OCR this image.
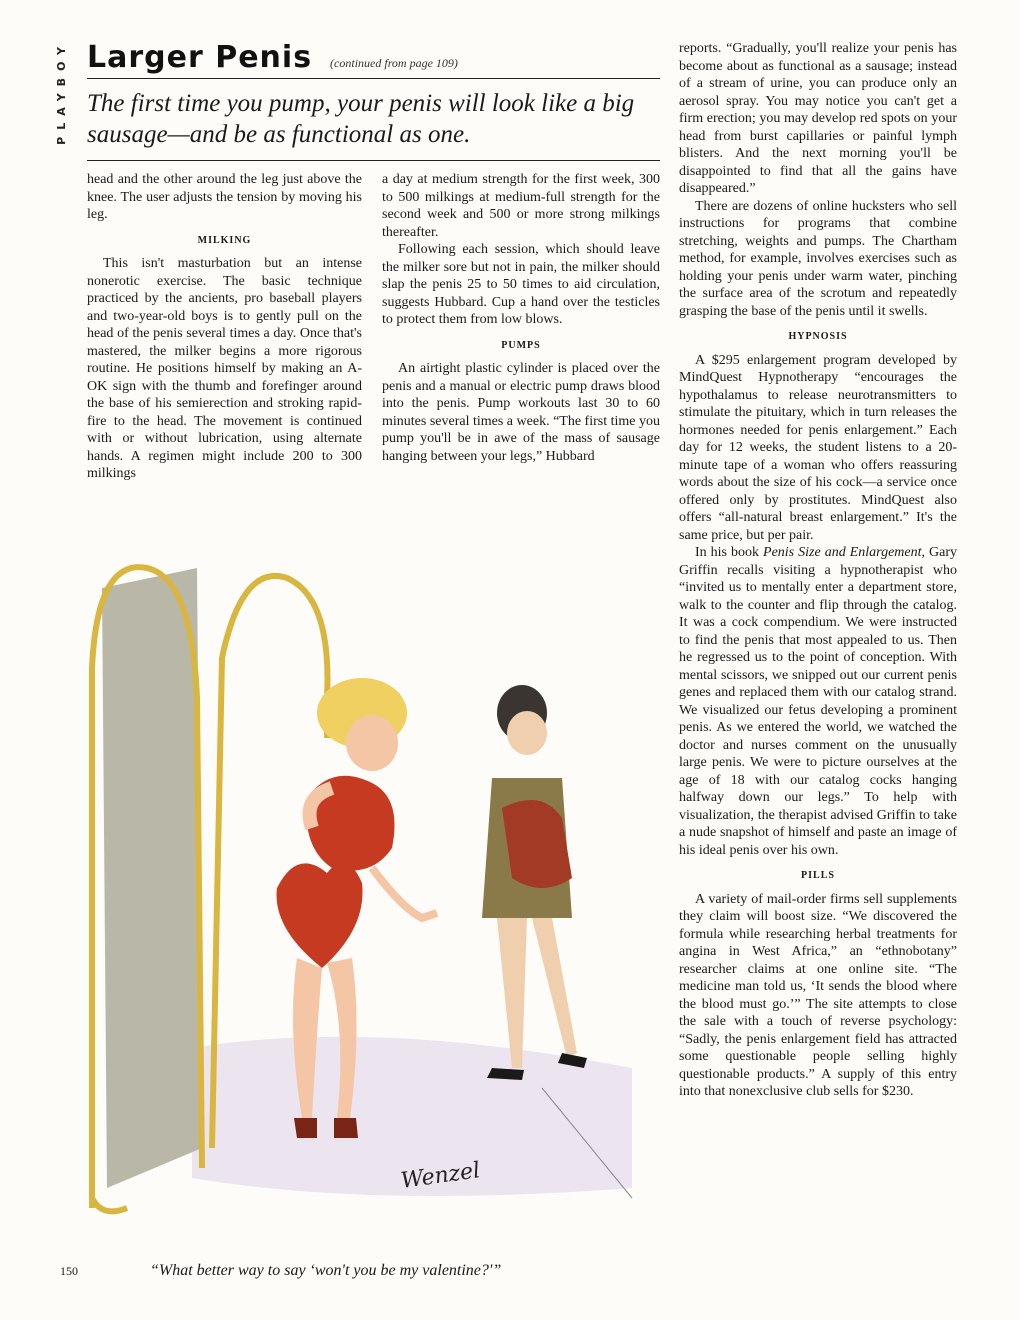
PLAYBOY Larger Penis (continued from page 109)
The first time you pump, your penis will look like a big sausage—and be as functional as one.

head and the other around the leg just above the knee. The user adjusts the tension by moving his leg.

MILKING

This isn't masturbation but an intense nonerotic exercise. The basic technique practiced by the ancients, pro baseball players and two-year-old boys is to gently pull on the head of the penis several times a day. Once that's mastered, the milker begins a more rigorous routine. He positions himself by making an A-OK sign with the thumb and forefinger around the base of his semierection and stroking rapid-fire to the head. The movement is continued with or without lubrication, using alternate hands. A regimen might include 200 to 300 milkings

a day at medium strength for the first week, 300 to 500 milkings at medium-full strength for the second week and 500 or more strong milkings thereafter.

Following each session, which should leave the milker sore but not in pain, the milker should slap the penis 25 to 50 times to aid circulation, suggests Hubbard. Cup a hand over the testicles to protect them from low blows.

PUMPS

An airtight plastic cylinder is placed over the penis and a manual or electric pump draws blood into the penis. Pump workouts last 30 to 60 minutes several times a week. “The first time you pump you'll be in awe of the mass of sausage hanging between your legs,” Hubbard

reports. “Gradually, you'll realize your penis has become about as functional as a sausage; instead of a stream of urine, you can produce only an aerosol spray. You may notice you can't get a firm erection; you may develop red spots on your head from burst capillaries or painful lymph blisters. And the next morning you'll be disappointed to find that all the gains have disappeared.”

There are dozens of online hucksters who sell instructions for programs that combine stretching, weights and pumps. The Chartham method, for example, involves exercises such as holding your penis under warm water, pinching the surface area of the scrotum and repeatedly grasping the base of the penis until it swells.

HYPNOSIS

A $295 enlargement program developed by MindQuest Hypnotherapy “encourages the hypothalamus to release neurotransmitters to stimulate the pituitary, which in turn releases the hormones needed for penis enlargement.” Each day for 12 weeks, the student listens to a 20-minute tape of a woman who offers reassuring words about the size of his cock—a service once offered only by prostitutes. MindQuest also offers “all-natural breast enlargement.” It's the same price, but per pair.

In his book Penis Size and Enlargement, Gary Griffin recalls visiting a hypnotherapist who “invited us to mentally enter a department store, walk to the counter and flip through the catalog. It was a cock compendium. We were instructed to find the penis that most appealed to us. Then he regressed us to the point of conception. With mental scissors, we snipped out our current penis genes and replaced them with our catalog strand. We visualized our fetus developing a prominent penis. As we entered the world, we watched the doctor and nurses comment on the unusually large penis. We were to picture ourselves at the age of 18 with our catalog cocks hanging halfway down our legs.” To help with visualization, the therapist advised Griffin to take a nude snapshot of himself and paste an image of his ideal penis over his own.

PILLS

A variety of mail-order firms sell supplements they claim will boost size. “We discovered the formula while researching herbal treatments for angina in West Africa,” an “ethnobotany” researcher claims at one online site. “The medicine man told us, ‘It sends the blood where the blood must go.’” The site attempts to close the sale with a touch of reverse psychology: “Sadly, the penis enlargement field has attracted some questionable people selling highly questionable products.” A supply of this entry into that nonexclusive club sells for $230.

Wenzel
“What better way to say ‘won't you be my valentine?'”
150
